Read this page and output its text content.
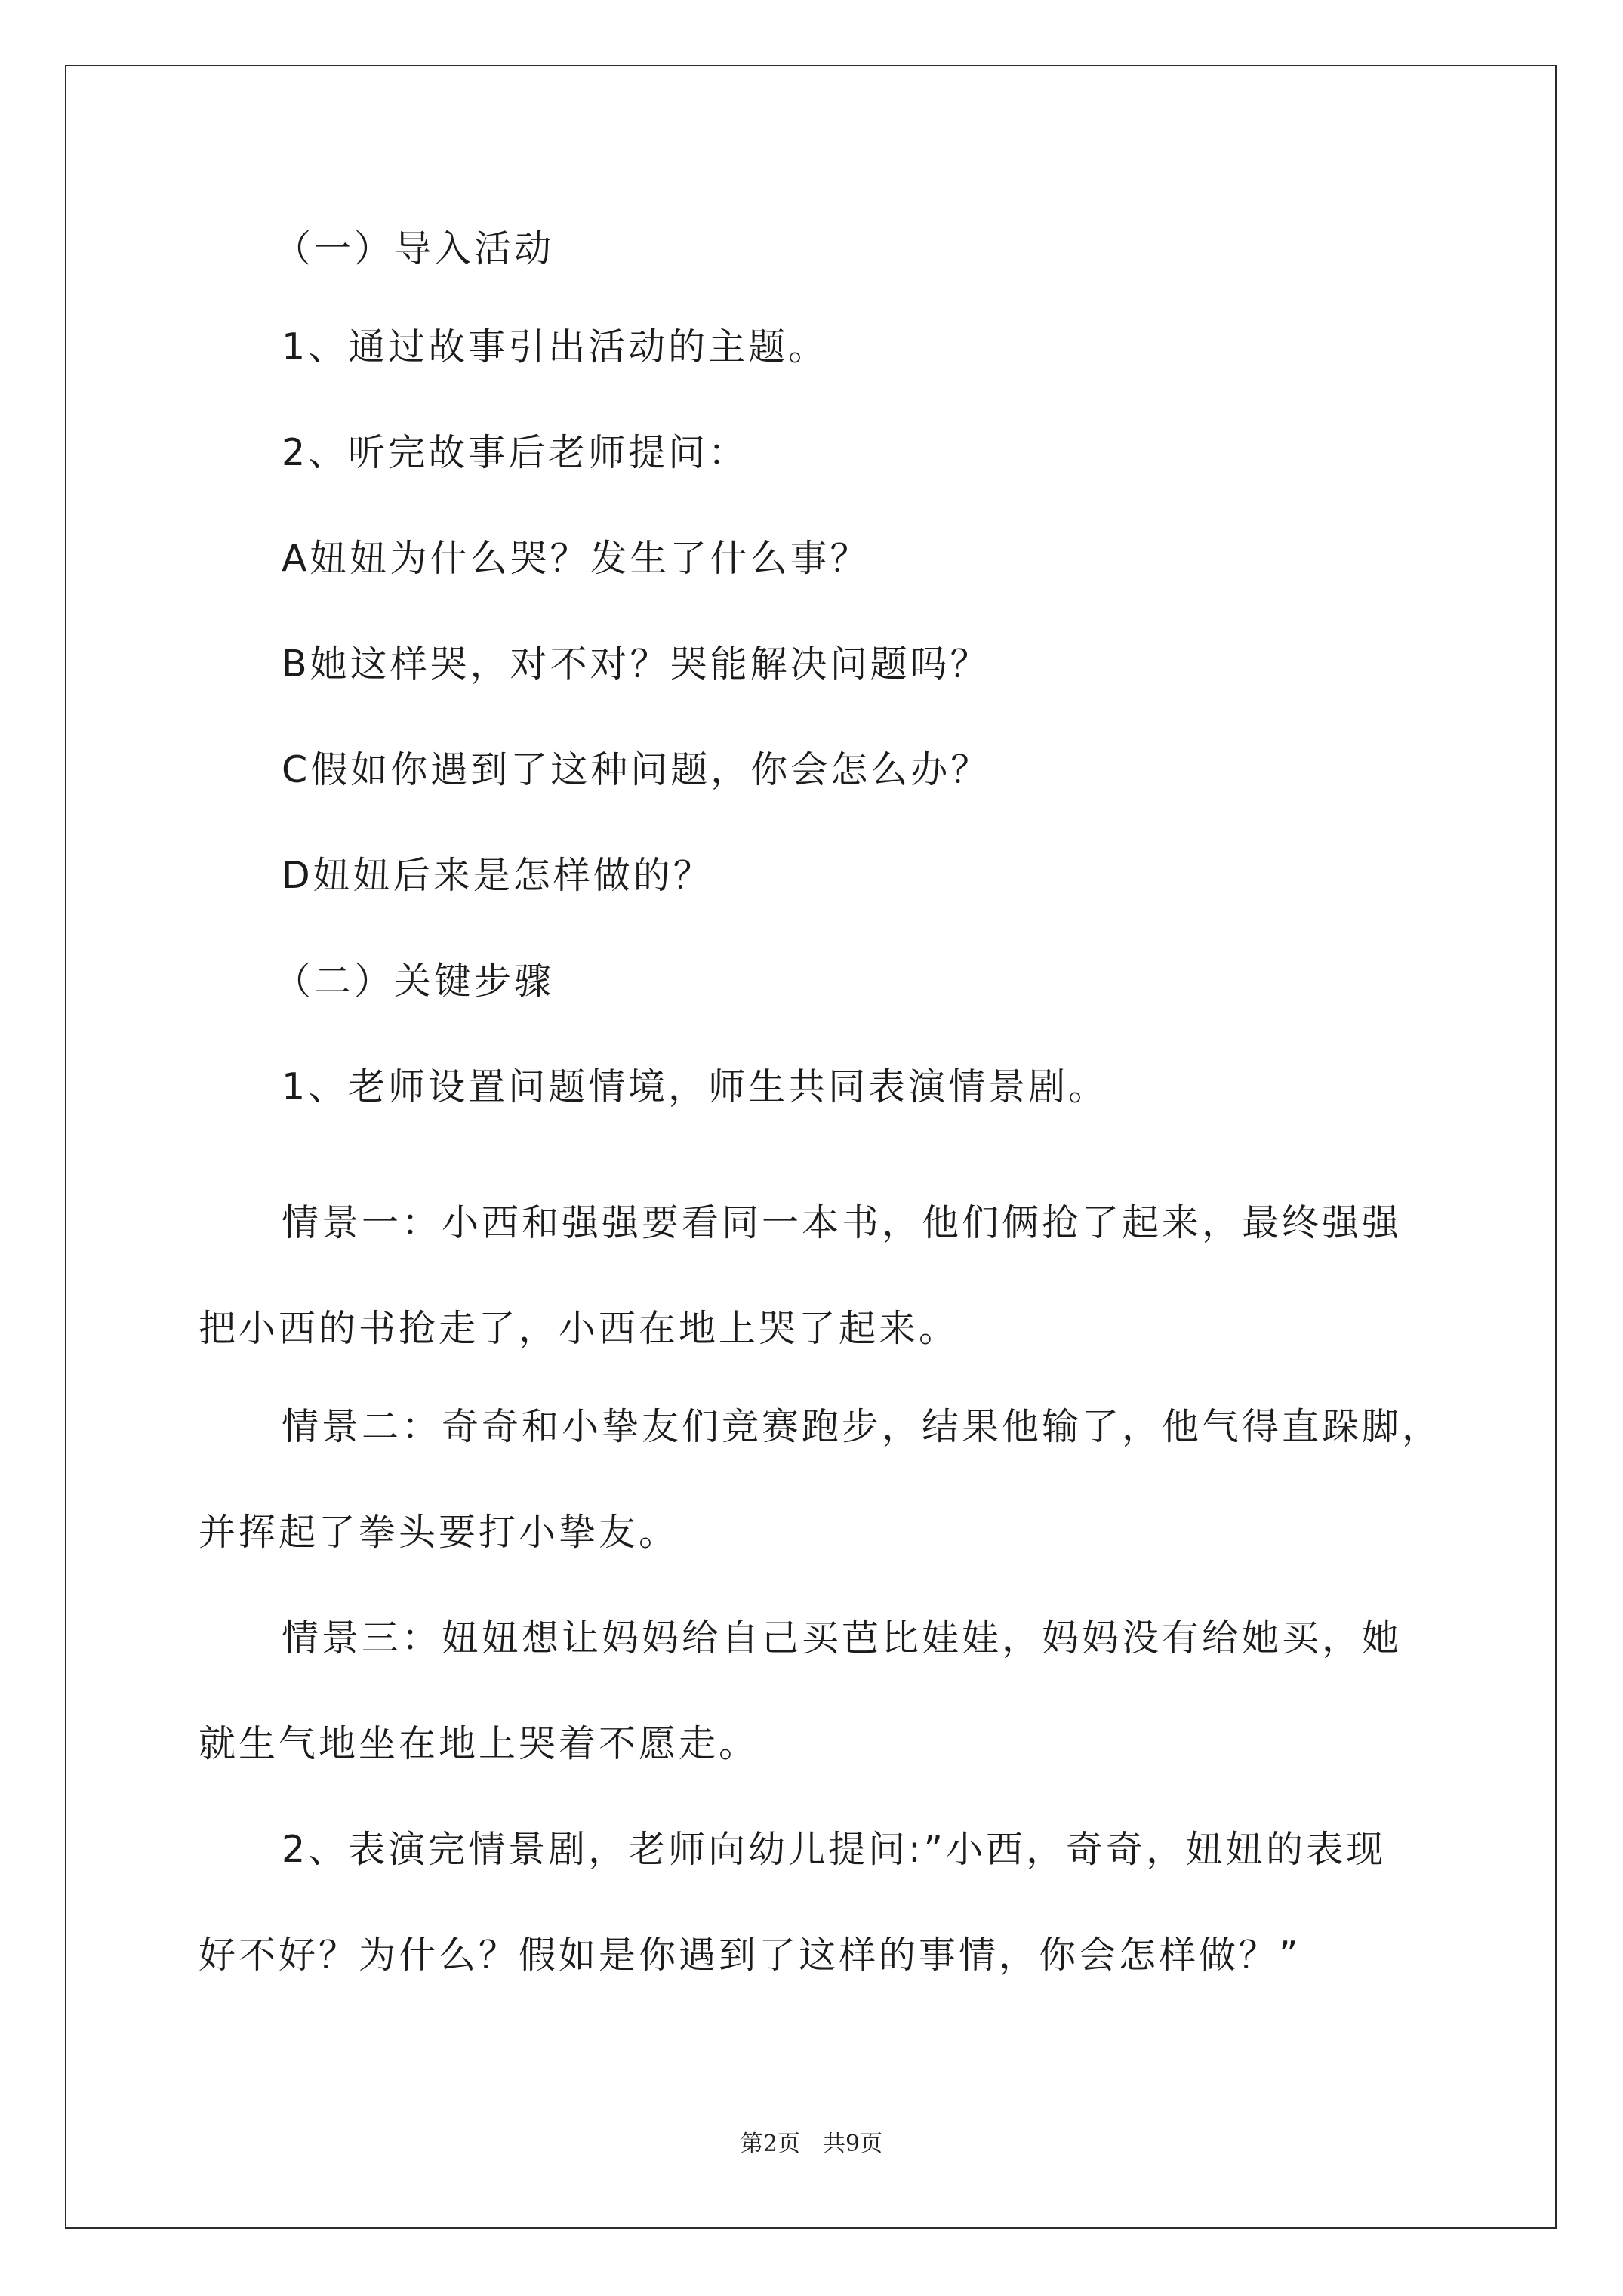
（一）导入活动
1、通过故事引出活动的主题。
2、听完故事后老师提问：
A妞妞为什么哭？发生了什么事？
B她这样哭，对不对？哭能解决问题吗？
C假如你遇到了这种问题，你会怎么办？
D妞妞后来是怎样做的？
（二）关键步骤
1、老师设置问题情境，师生共同表演情景剧。
情景一：小西和强强要看同一本书，他们俩抢了起来，最终强强
把小西的书抢走了，小西在地上哭了起来。
情景二：奇奇和小挚友们竞赛跑步，结果他输了，他气得直跺脚，
并挥起了拳头要打小挚友。
情景三：妞妞想让妈妈给自己买芭比娃娃，妈妈没有给她买，她
就生气地坐在地上哭着不愿走。
2、表演完情景剧，老师向幼儿提问:”小西，奇奇，妞妞的表现
好不好？为什么？假如是你遇到了这样的事情，你会怎样做？”
第2页　共9页
